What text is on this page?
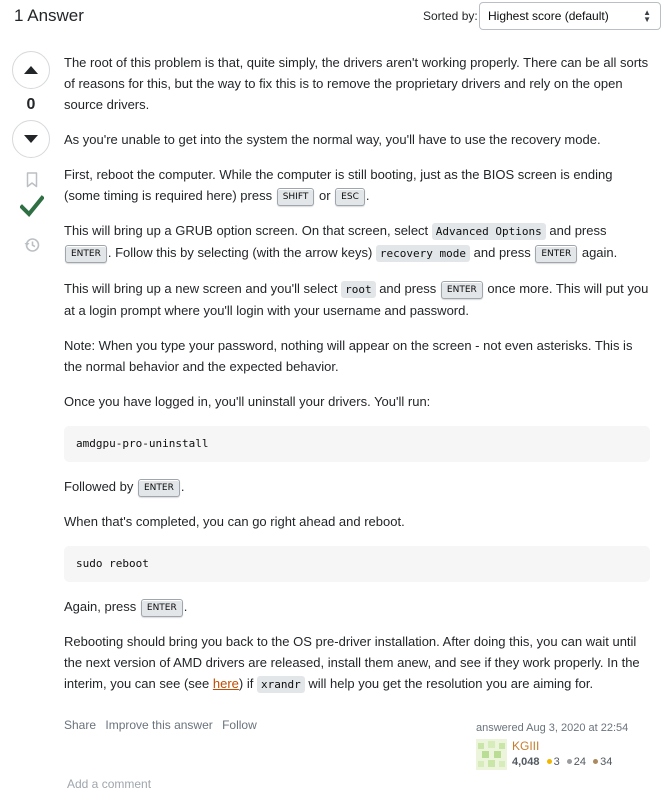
1 Answer	Sorted by: Highest score (default)	▲
▼
0

The root of this problem is that, quite simply, the drivers aren't working properly. There can be all sorts of reasons for this, but the way to fix this is to remove the proprietary drivers and rely on the open source drivers.

As you're unable to get into the system the normal way, you'll have to use the recovery mode.

First, reboot the computer. While the computer is still booting, just as the BIOS screen is ending (some timing is required here) press SHIFT or ESC .

This will bring up a GRUB option screen. On that screen, select Advanced Options and press ENTER . Follow this by selecting (with the arrow keys) recovery mode and press ENTER again.

This will bring up a new screen and you'll select root and press ENTER once more. This will put you at a login prompt where you'll login with your username and password.

Note: When you type your password, nothing will appear on the screen - not even asterisks. This is the normal behavior and the expected behavior.

Once you have logged in, you'll uninstall your drivers. You'll run:

amdgpu-pro-uninstall

Followed by ENTER .

When that's completed, you can go right ahead and reboot.

sudo reboot

Again, press ENTER .

Rebooting should bring you back to the OS pre-driver installation. After doing this, you can wait until the next version of AMD drivers are released, install them anew, and see if they work properly. In the interim, you can see (see here) if xrandr will help you get the resolution you are aiming for.

Share Improve this answer Follow	answered Aug 3, 2020 at 22:54
KGIII
4,048 3 24 34
Add a comment
